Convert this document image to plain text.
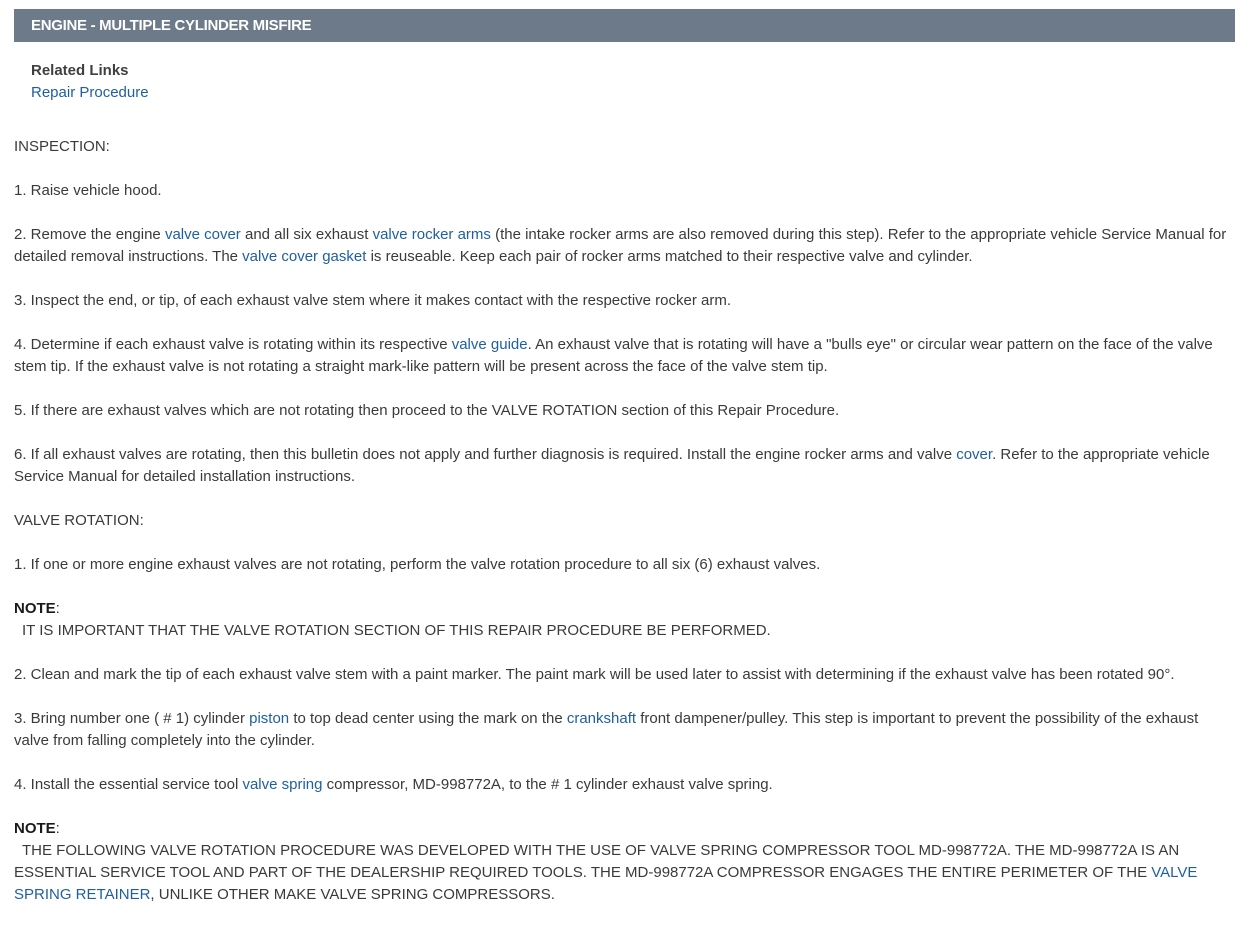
ENGINE - MULTIPLE CYLINDER MISFIRE
Related Links
Repair Procedure

INSPECTION:

1. Raise vehicle hood.

2. Remove the engine valve cover and all six exhaust valve rocker arms (the intake rocker arms are also removed during this step). Refer to the appropriate vehicle Service Manual for detailed removal instructions. The valve cover gasket is reuseable. Keep each pair of rocker arms matched to their respective valve and cylinder.

3. Inspect the end, or tip, of each exhaust valve stem where it makes contact with the respective rocker arm.

4. Determine if each exhaust valve is rotating within its respective valve guide. An exhaust valve that is rotating will have a "bulls eye" or circular wear pattern on the face of the valve stem tip. If the exhaust valve is not rotating a straight mark-like pattern will be present across the face of the valve stem tip.

5. If there are exhaust valves which are not rotating then proceed to the VALVE ROTATION section of this Repair Procedure.

6. If all exhaust valves are rotating, then this bulletin does not apply and further diagnosis is required. Install the engine rocker arms and valve cover. Refer to the appropriate vehicle Service Manual for detailed installation instructions.

VALVE ROTATION:

1. If one or more engine exhaust valves are not rotating, perform the valve rotation procedure to all six (6) exhaust valves.

NOTE:
IT IS IMPORTANT THAT THE VALVE ROTATION SECTION OF THIS REPAIR PROCEDURE BE PERFORMED.

2. Clean and mark the tip of each exhaust valve stem with a paint marker. The paint mark will be used later to assist with determining if the exhaust valve has been rotated 90°.

3. Bring number one ( # 1) cylinder piston to top dead center using the mark on the crankshaft front dampener/pulley. This step is important to prevent the possibility of the exhaust valve from falling completely into the cylinder.

4. Install the essential service tool valve spring compressor, MD-998772A, to the # 1 cylinder exhaust valve spring.

NOTE:
THE FOLLOWING VALVE ROTATION PROCEDURE WAS DEVELOPED WITH THE USE OF VALVE SPRING COMPRESSOR TOOL MD-998772A. THE MD-998772A IS AN ESSENTIAL SERVICE TOOL AND PART OF THE DEALERSHIP REQUIRED TOOLS. THE MD-998772A COMPRESSOR ENGAGES THE ENTIRE PERIMETER OF THE VALVE SPRING RETAINER, UNLIKE OTHER MAKE VALVE SPRING COMPRESSORS.
